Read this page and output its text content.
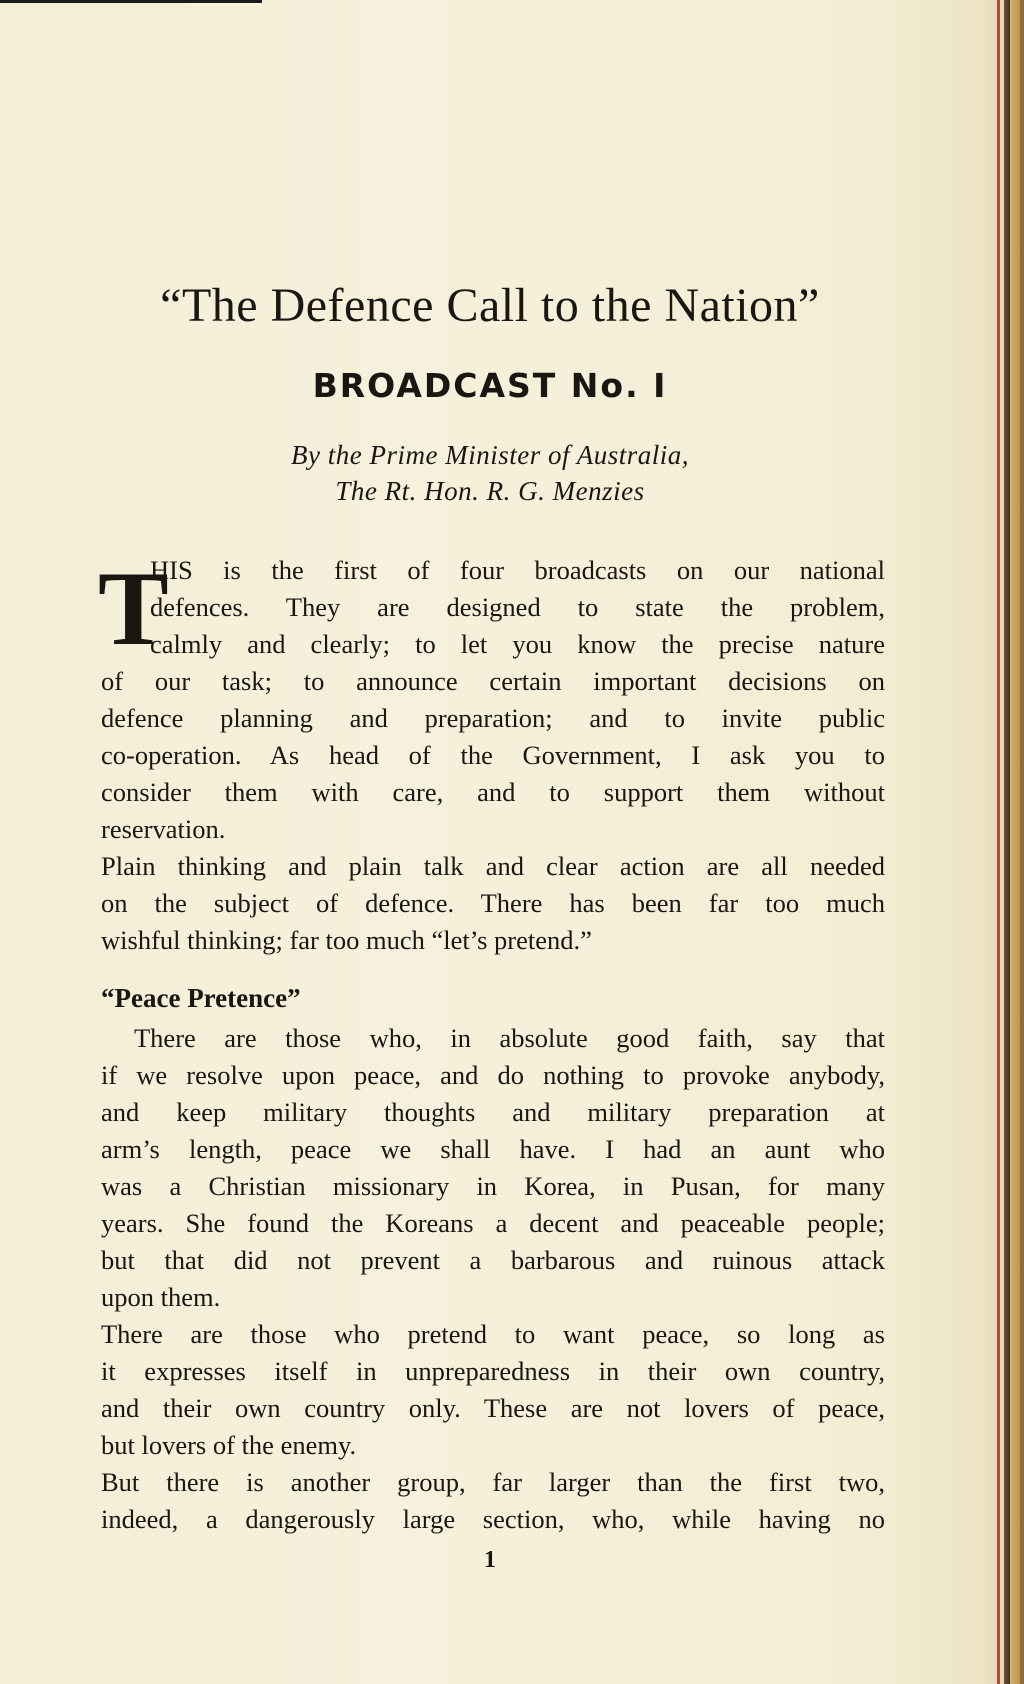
“The Defence Call to the Nation”
BROADCAST No. I
By the Prime Minister of Australia,
The Rt. Hon. R. G. Menzies
T
HIS is the first of four broadcasts on our national
defences. They are designed to state the problem,
calmly and clearly; to let you know the precise nature
of our task; to announce certain important decisions on
defence planning and preparation; and to invite public
co-operation. As head of the Government, I ask you to
consider them with care, and to support them without
reservation.
Plain thinking and plain talk and clear action are all needed
on the subject of defence. There has been far too much
wishful thinking; far too much “let’s pretend.”
“Peace Pretence”
There are those who, in absolute good faith, say that
if we resolve upon peace, and do nothing to provoke anybody,
and keep military thoughts and military preparation at
arm’s length, peace we shall have. I had an aunt who
was a Christian missionary in Korea, in Pusan, for many
years. She found the Koreans a decent and peaceable people;
but that did not prevent a barbarous and ruinous attack
upon them.
There are those who pretend to want peace, so long as
it expresses itself in unpreparedness in their own country,
and their own country only. These are not lovers of peace,
but lovers of the enemy.
But there is another group, far larger than the first two,
indeed, a dangerously large section, who, while having no
1
